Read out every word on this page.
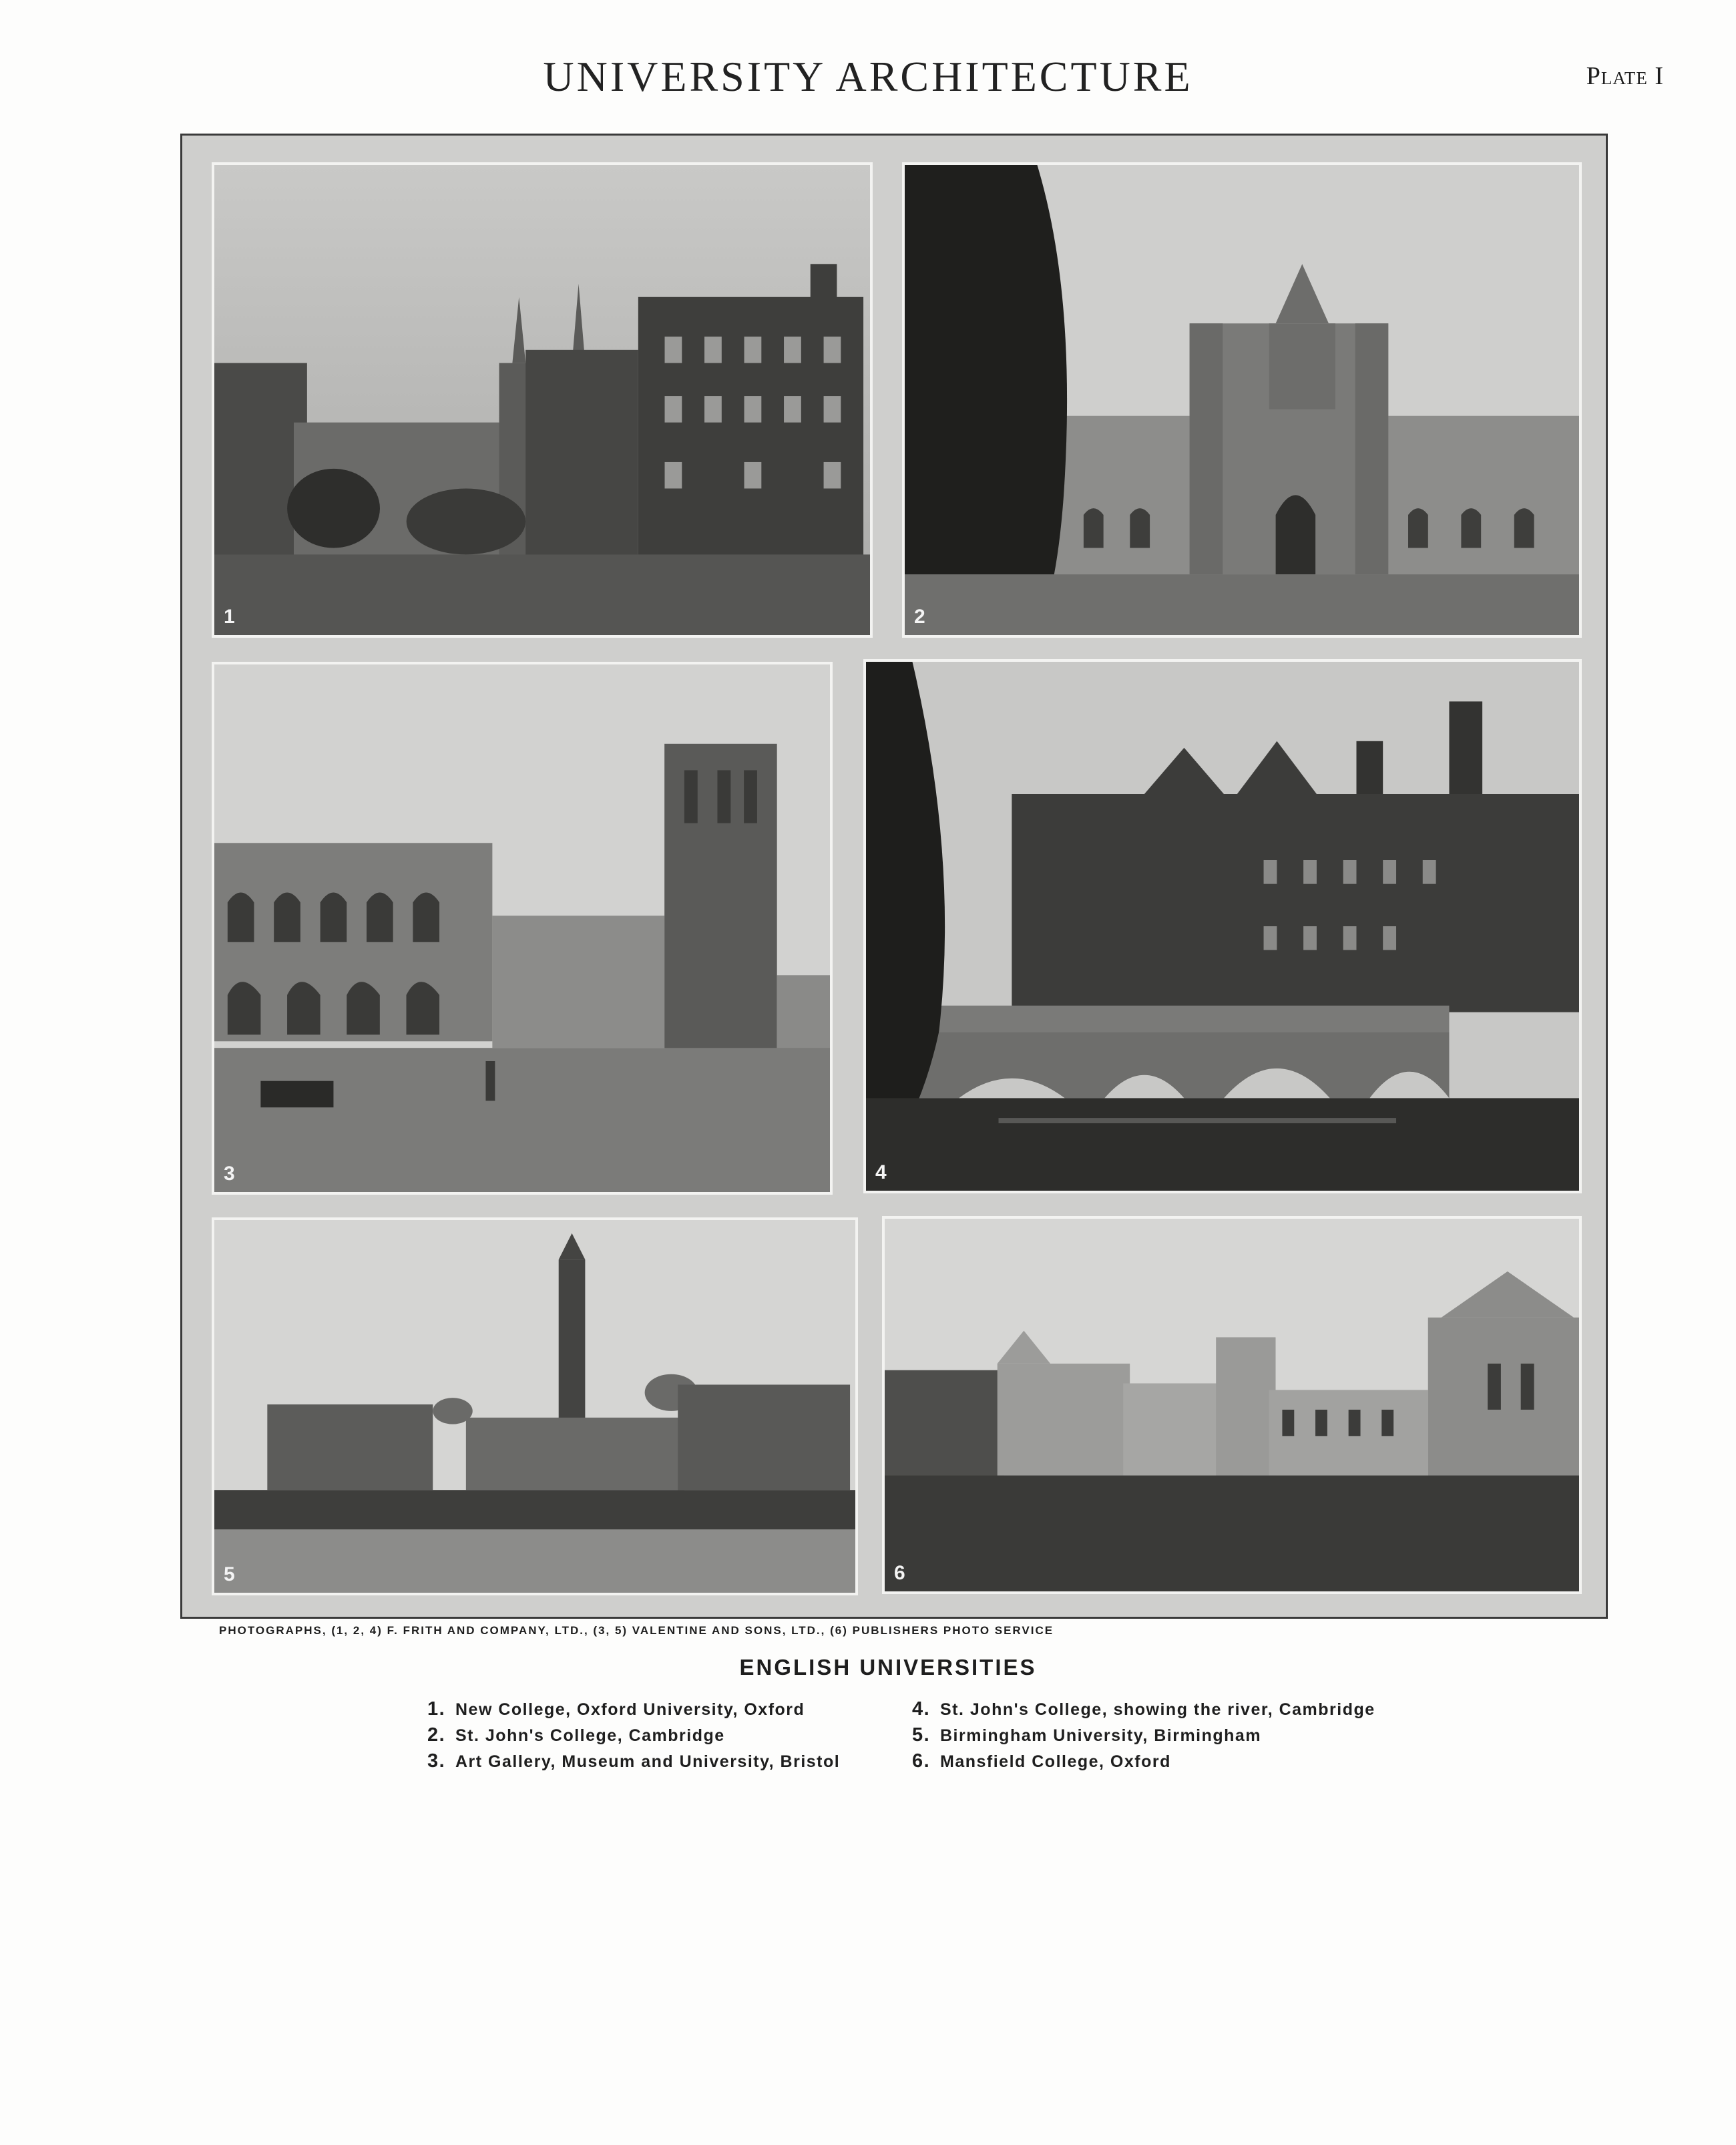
UNIVERSITY ARCHITECTURE	Plate I
1	2
3	4
5	6
PHOTOGRAPHS, (1, 2, 4) F. FRITH AND COMPANY, LTD., (3, 5) VALENTINE AND SONS, LTD., (6) PUBLISHERS PHOTO SERVICE
ENGLISH UNIVERSITIES
1. New College, Oxford University, Oxford
2. St. John's College, Cambridge
3. Art Gallery, Museum and University, Bristol
4. St. John's College, showing the river, Cambridge
5. Birmingham University, Birmingham
6. Mansfield College, Oxford
